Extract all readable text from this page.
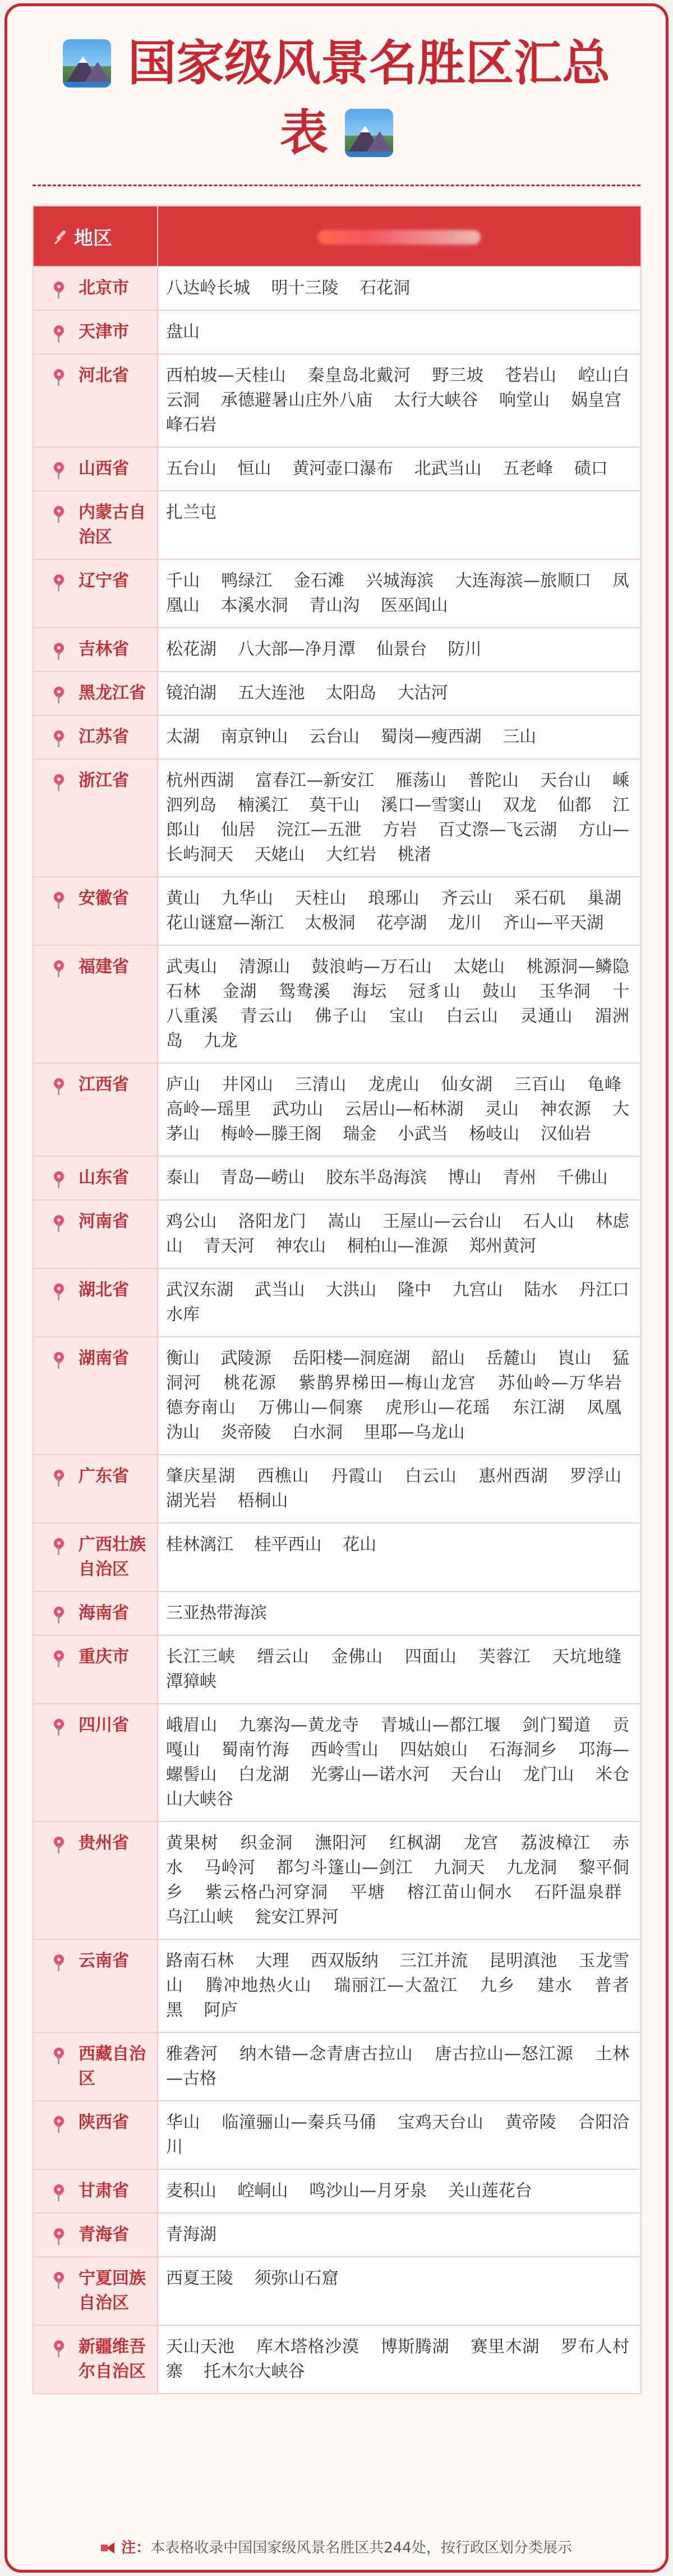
国家级风景名胜区汇总
表
地区	

北京市	八达岭长城 明十三陵 石花洞

天津市	盘山

河北省	西柏坡—天桂山 秦皇岛北戴河 野三坡 苍岩山 崆山白云洞 承德避暑山庄外八庙 太行大峡谷 响堂山 娲皇宫 峰石岩

山西省	五台山 恒山 黄河壶口瀑布 北武当山 五老峰 碛口

内蒙古自治区	扎兰屯

辽宁省	千山 鸭绿江 金石滩 兴城海滨 大连海滨—旅顺口 凤凰山 本溪水洞 青山沟 医巫闾山

吉林省	松花湖 八大部—净月潭 仙景台 防川

黑龙江省	镜泊湖 五大连池 太阳岛 大沽河

江苏省	太湖 南京钟山 云台山 蜀岗—瘦西湖 三山

浙江省	杭州西湖 富春江—新安江 雁荡山 普陀山 天台山 嵊泗列岛 楠溪江 莫干山 溪口—雪窦山 双龙 仙都 江郎山 仙居 浣江—五泄 方岩 百丈漈—飞云湖 方山—长屿洞天 天姥山 大红岩 桃渚

安徽省	黄山 九华山 天柱山 琅琊山 齐云山 采石矶 巢湖 花山谜窟—渐江 太极洞 花亭湖 龙川 齐山—平天湖

福建省	武夷山 清源山 鼓浪屿—万石山 太姥山 桃源洞—鳞隐石林 金湖 鸳鸯溪 海坛 冠豸山 鼓山 玉华洞 十八重溪 青云山 佛子山 宝山 白云山 灵通山 湄洲岛 九龙

江西省	庐山 井冈山 三清山 龙虎山 仙女湖 三百山 龟峰 高岭—瑶里 武功山 云居山—柘林湖 灵山 神农源 大茅山 梅岭—滕王阁 瑞金 小武当 杨岐山 汉仙岩

山东省	泰山 青岛—崂山 胶东半岛海滨 博山 青州 千佛山

河南省	鸡公山 洛阳龙门 嵩山 王屋山—云台山 石人山 林虑山 青天河 神农山 桐柏山—淮源 郑州黄河

湖北省	武汉东湖 武当山 大洪山 隆中 九宫山 陆水 丹江口水库

湖南省	衡山 武陵源 岳阳楼—洞庭湖 韶山 岳麓山 崀山 猛洞河 桃花源 紫鹊界梯田—梅山龙宫 苏仙岭—万华岩 德夯南山 万佛山—侗寨 虎形山—花瑶 东江湖 凤凰 沩山 炎帝陵 白水洞 里耶—乌龙山

广东省	肇庆星湖 西樵山 丹霞山 白云山 惠州西湖 罗浮山 湖光岩 梧桐山

广西壮族自治区	桂林漓江 桂平西山 花山

海南省	三亚热带海滨

重庆市	长江三峡 缙云山 金佛山 四面山 芙蓉江 天坑地缝 潭獐峡

四川省	峨眉山 九寨沟—黄龙寺 青城山—都江堰 剑门蜀道 贡嘎山 蜀南竹海 西岭雪山 四姑娘山 石海洞乡 邛海—螺髻山 白龙湖 光雾山—诺水河 天台山 龙门山 米仓山大峡谷

贵州省	黄果树 织金洞 潕阳河 红枫湖 龙宫 荔波樟江 赤水 马岭河 都匀斗篷山—剑江 九洞天 九龙洞 黎平侗乡 紫云格凸河穿洞 平塘 榕江苗山侗水 石阡温泉群 乌江山峡 瓮安江界河

云南省	路南石林 大理 西双版纳 三江并流 昆明滇池 玉龙雪山 腾冲地热火山 瑞丽江—大盈江 九乡 建水 普者黑 阿庐

西藏自治区	雅砻河 纳木错—念青唐古拉山 唐古拉山—怒江源 土林—古格

陕西省	华山 临潼骊山—秦兵马俑 宝鸡天台山 黄帝陵 合阳洽川

甘肃省	麦积山 崆峒山 鸣沙山—月牙泉 关山莲花台

青海省	青海湖

宁夏回族自治区	西夏王陵 须弥山石窟

新疆维吾尔自治区	天山天池 库木塔格沙漠 博斯腾湖 赛里木湖 罗布人村寨 托木尔大峡谷
注：本表格收录中国国家级风景名胜区共244处，按行政区划分类展示
